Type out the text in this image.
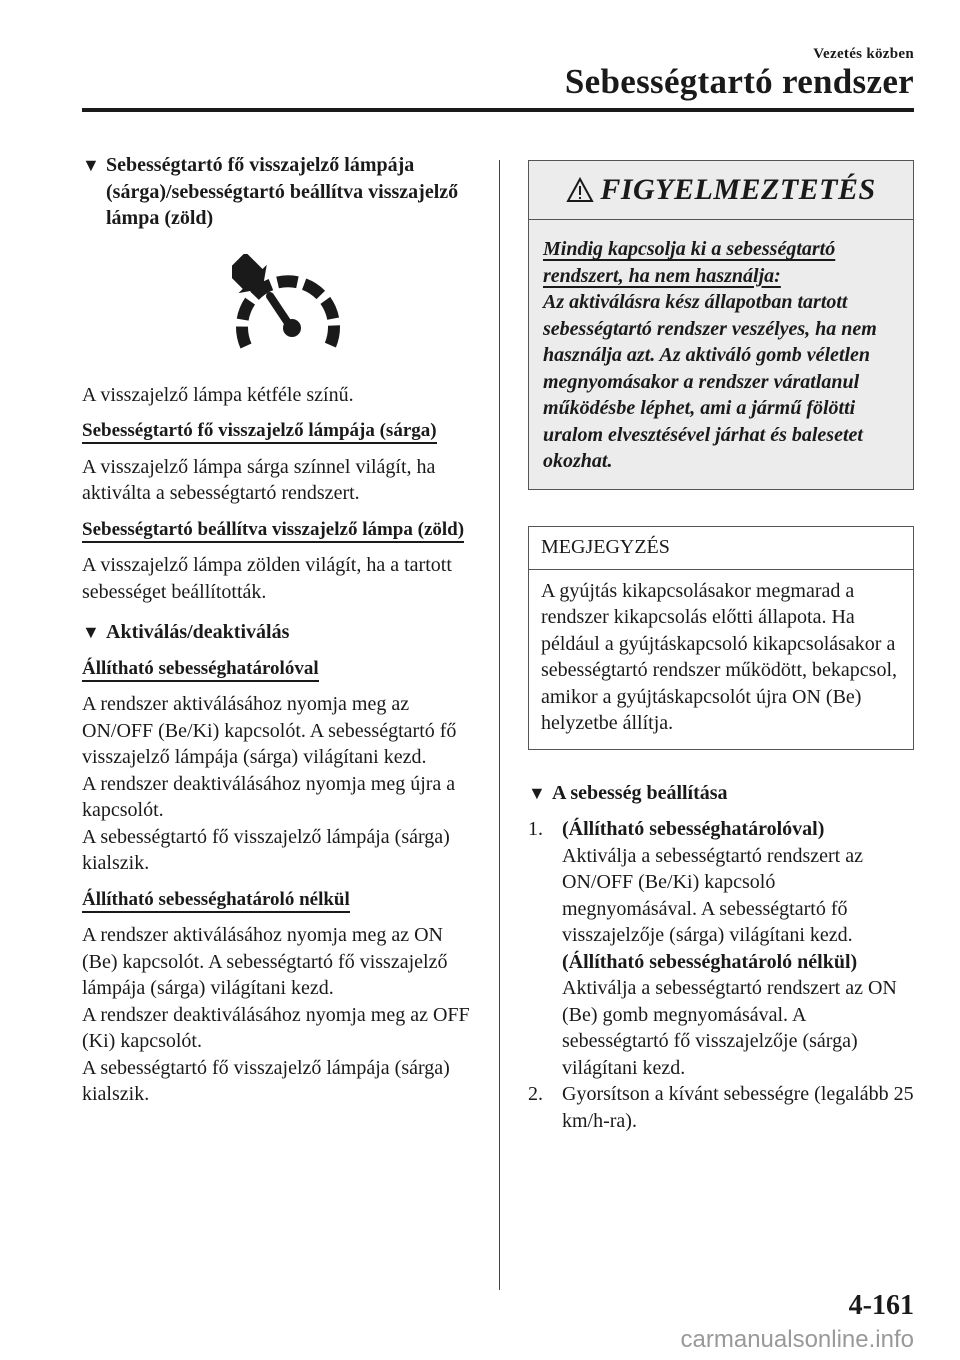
Vezetés közben
Sebességtartó rendszer
▼ Sebességtartó fő visszajelző lámpája (sárga)/sebességtartó beállítva visszajelző lámpa (zöld)
A visszajelző lámpa kétféle színű.
Sebességtartó fő visszajelző lámpája (sárga)
A visszajelző lámpa sárga színnel világít, ha aktiválta a sebességtartó rendszert.
Sebességtartó beállítva visszajelző lámpa (zöld)
A visszajelző lámpa zölden világít, ha a tartott sebességet beállították.
▼ Aktiválás/deaktiválás
Állítható sebességhatárolóval
A rendszer aktiválásához nyomja meg az ON/OFF (Be/Ki) kapcsolót. A sebességtartó fő visszajelző lámpája (sárga) világítani kezd.
A rendszer deaktiválásához nyomja meg újra a kapcsolót.
A sebességtartó fő visszajelző lámpája (sárga) kialszik.
Állítható sebességhatároló nélkül
A rendszer aktiválásához nyomja meg az ON (Be) kapcsolót. A sebességtartó fő visszajelző lámpája (sárga) világítani kezd.
A rendszer deaktiválásához nyomja meg az OFF (Ki) kapcsolót.
A sebességtartó fő visszajelző lámpája (sárga) kialszik.
FIGYELMEZTETÉS
Mindig kapcsolja ki a sebességtartó rendszert, ha nem használja:
Az aktiválásra kész állapotban tartott sebességtartó rendszer veszélyes, ha nem használja azt. Az aktiváló gomb véletlen megnyomásakor a rendszer váratlanul működésbe léphet, ami a jármű fölötti uralom elvesztésével járhat és balesetet okozhat.
MEGJEGYZÉS
A gyújtás kikapcsolásakor megmarad a rendszer kikapcsolás előtti állapota. Ha például a gyújtáskapcsoló kikapcsolásakor a sebességtartó rendszer működött, bekapcsol, amikor a gyújtáskapcsolót újra ON (Be) helyzetbe állítja.
▼ A sebesség beállítása
1. (Állítható sebességhatárolóval)
Aktiválja a sebességtartó rendszert az ON/OFF (Be/Ki) kapcsoló megnyomásával. A sebességtartó fő visszajelzője (sárga) világítani kezd.
(Állítható sebességhatároló nélkül)
Aktiválja a sebességtartó rendszert az ON (Be) gomb megnyomásával. A sebességtartó fő visszajelzője (sárga) világítani kezd.
2. Gyorsítson a kívánt sebességre (legalább 25 km/h-ra).
4-161
carmanualsonline.info
